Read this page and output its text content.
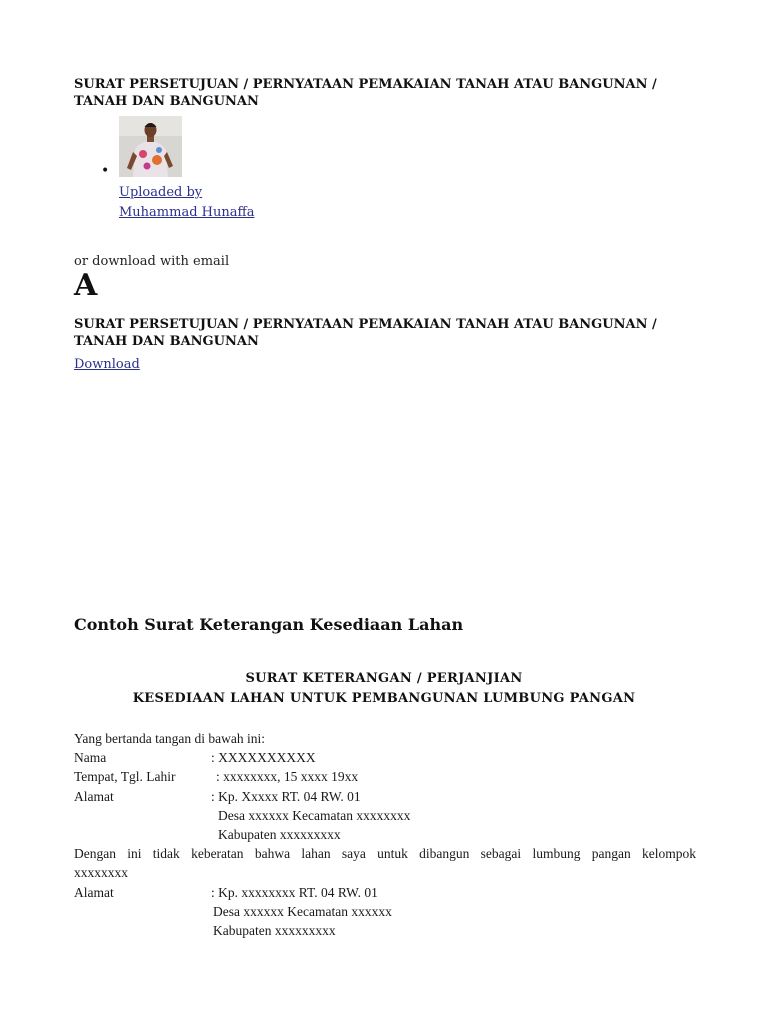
SURAT PERSETUJUAN / PERNYATAAN PEMAKAIAN TANAH ATAU BANGUNAN / TANAH DAN BANGUNAN
•
Uploaded by
Muhammad Hunaffa
or download with email
A
SURAT PERSETUJUAN / PERNYATAAN PEMAKAIAN TANAH ATAU BANGUNAN / TANAH DAN BANGUNAN
Download
Contoh Surat Keterangan Kesediaan Lahan
SURAT KETERANGAN / PERJANJIAN
KESEDIAAN LAHAN UNTUK PEMBANGUNAN LUMBUNG PANGAN
Yang bertanda tangan di bawah ini:
Nama	: XXXXXXXXXX
Tempat, Tgl. Lahir	: xxxxxxxx, 15 xxxx 19xx
Alamat	: Kp. Xxxxx RT. 04 RW. 01
Desa xxxxxx Kecamatan xxxxxxxx
Kabupaten xxxxxxxxx
Dengan ini tidak keberatan bahwa lahan saya untuk dibangun sebagai lumbung pangan kelompok
xxxxxxxx
Alamat	: Kp. xxxxxxxx RT. 04 RW. 01
Desa xxxxxx Kecamatan xxxxxx
Kabupaten xxxxxxxxx
